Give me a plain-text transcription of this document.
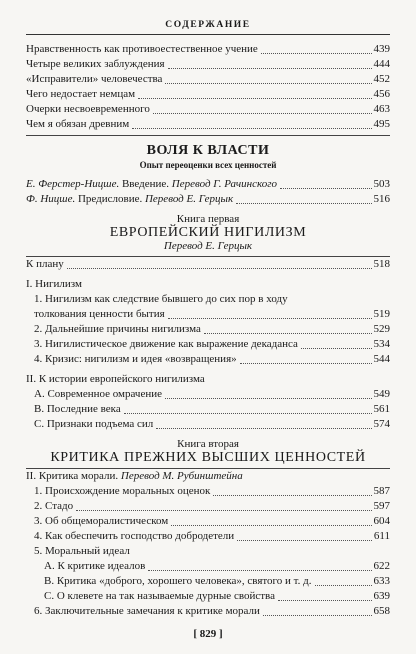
СОДЕРЖАНИЕ
Нравственность как противоестественное учение	439
Четыре великих заблуждения	444
«Исправители» человечества	452
Чего недостает немцам	456
Очерки несвоевременного	463
Чем я обязан древним	495
ВОЛЯ К ВЛАСТИ
Опыт переоценки всех ценностей
Е. Ферстер-Ницше. Введение. Перевод Г. Рачинского	503
Ф. Ницше. Предисловие. Перевод Е. Герцык	516
Книга первая
ЕВРОПЕЙСКИЙ НИГИЛИЗМ
Перевод Е. Герцык
К плану	518
I. Нигилизм
1. Нигилизм как следствие бывшего до сих пор в ходу
толкования ценности бытия	519
2. Дальнейшие причины нигилизма	529
3. Нигилистическое движение как выражение декаданса	534
4. Кризис: нигилизм и идея «возвращения»	544
II. К истории европейского нигилизма
А. Современное омрачение	549
В. Последние века	561
С. Признаки подъема сил	574
Книга вторая
КРИТИКА ПРЕЖНИХ ВЫСШИХ ЦЕННОСТЕЙ
II. Критика морали. Перевод М. Рубинштейна
1. Происхождение моральных оценок	587
2. Стадо	597
3. Об общеморалистическом	604
4. Как обеспечить господство добродетели	611
5. Моральный идеал
А. К критике идеалов	622
В. Критика «доброго, хорошего человека», святого и т. д.	633
С. О клевете на так называемые дурные свойства	639
6. Заключительные замечания к критике морали	658
[ 829 ]
